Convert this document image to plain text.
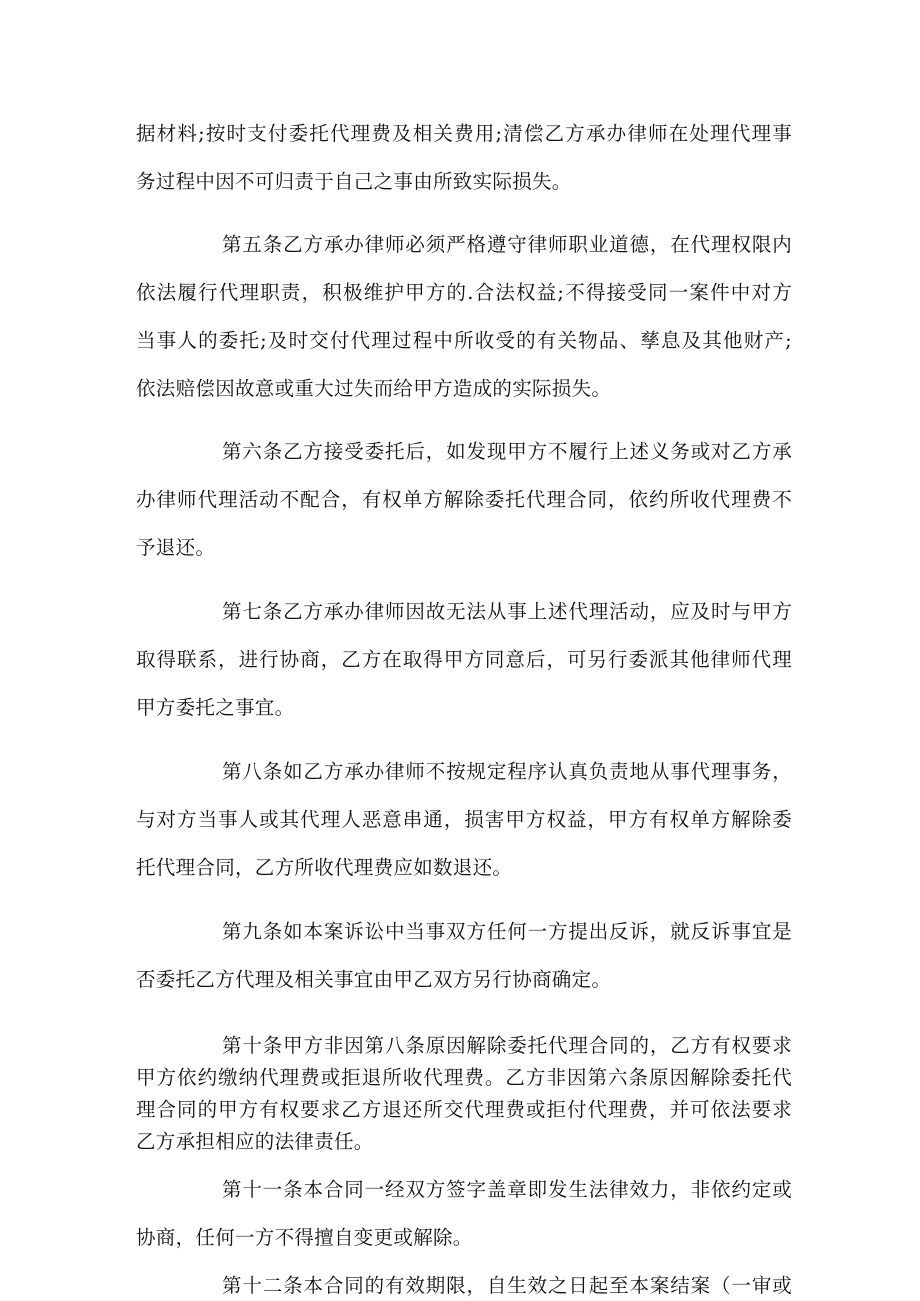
据材料;按时支付委托代理费及相关费用;清偿乙方承办律师在处理代理事
务过程中因不可归责于自己之事由所致实际损失。
第五条乙方承办律师必须严格遵守律师职业道德，在代理权限内
依法履行代理职责，积极维护甲方的.合法权益;不得接受同一案件中对方
当事人的委托;及时交付代理过程中所收受的有关物品、孳息及其他财产;
依法赔偿因故意或重大过失而给甲方造成的实际损失。
第六条乙方接受委托后，如发现甲方不履行上述义务或对乙方承
办律师代理活动不配合，有权单方解除委托代理合同，依约所收代理费不
予退还。
第七条乙方承办律师因故无法从事上述代理活动，应及时与甲方
取得联系，进行协商，乙方在取得甲方同意后，可另行委派其他律师代理
甲方委托之事宜。
第八条如乙方承办律师不按规定程序认真负责地从事代理事务，
与对方当事人或其代理人恶意串通，损害甲方权益，甲方有权单方解除委
托代理合同，乙方所收代理费应如数退还。
第九条如本案诉讼中当事双方任何一方提出反诉，就反诉事宜是
否委托乙方代理及相关事宜由甲乙双方另行协商确定。
第十条甲方非因第八条原因解除委托代理合同的，乙方有权要求
甲方依约缴纳代理费或拒退所收代理费。乙方非因第六条原因解除委托代
理合同的甲方有权要求乙方退还所交代理费或拒付代理费，并可依法要求
乙方承担相应的法律责任。
第十一条本合同一经双方签字盖章即发生法律效力，非依约定或
协商，任何一方不得擅自变更或解除。
第十二条本合同的有效期限，自生效之日起至本案结案（一审或
